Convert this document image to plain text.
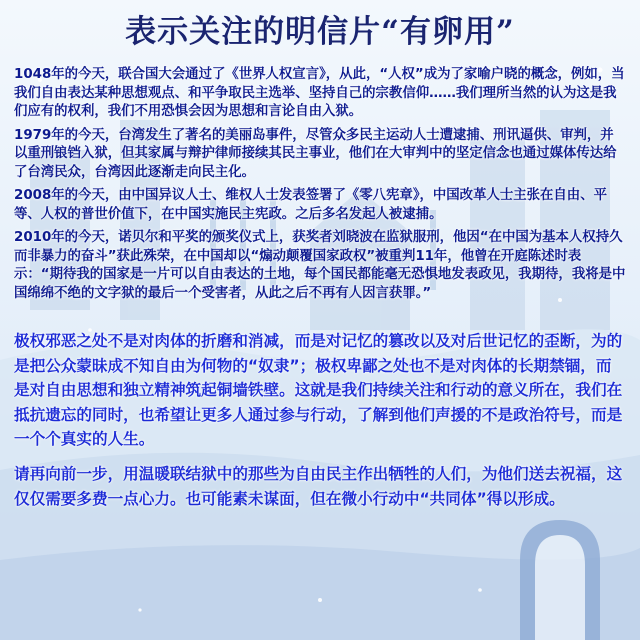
表示关注的明信片“有卵用”

1048年的今天，联合国大会通过了《世界人权宣言》，从此，“人权”成为了家喻户晓的概念，例如，当我们自由表达某种思想观点、和平争取民主选举、坚持自己的宗教信仰……我们理所当然的认为这是我们应有的权利，我们不用恐惧会因为思想和言论自由入狱。

1979年的今天，台湾发生了著名的美丽岛事件，尽管众多民主运动人士遭逮捕、刑讯逼供、审判，并以重刑锒铛入狱，但其家属与辩护律师接续其民主事业，他们在大审判中的坚定信念也通过媒体传达给了台湾民众，台湾因此逐渐走向民主化。

2008年的今天，由中国异议人士、维权人士发表签署了《零八宪章》，中国改革人士主张在自由、平等、人权的普世价值下，在中国实施民主宪政。之后多名发起人被逮捕。

2010年的今天，诺贝尔和平奖的颁奖仪式上，获奖者刘晓波在监狱服刑，他因“在中国为基本人权持久而非暴力的奋斗”获此殊荣，在中国却以“煽动颠覆国家政权”被重判11年，他曾在开庭陈述时表示：“期待我的国家是一片可以自由表达的土地，每个国民都能毫无恐惧地发表政见，我期待，我将是中国绵绵不绝的文字狱的最后一个受害者，从此之后不再有人因言获罪。”

极权邪恶之处不是对肉体的折磨和消减，而是对记忆的篡改以及对后世记忆的歪断，为的是把公众蒙昧成不知自由为何物的“奴隶”；极权卑鄙之处也不是对肉体的长期禁锢，而是对自由思想和独立精神筑起铜墙铁壁。这就是我们持续关注和行动的意义所在，我们在抵抗遗忘的同时，也希望让更多人通过参与行动，了解到他们声援的不是政治符号，而是一个个真实的人生。

请再向前一步，用温暖联结狱中的那些为自由民主作出牺牲的人们，为他们送去祝福，这仅仅需要多费一点心力。也可能素未谋面，但在微小行动中“共同体”得以形成。
